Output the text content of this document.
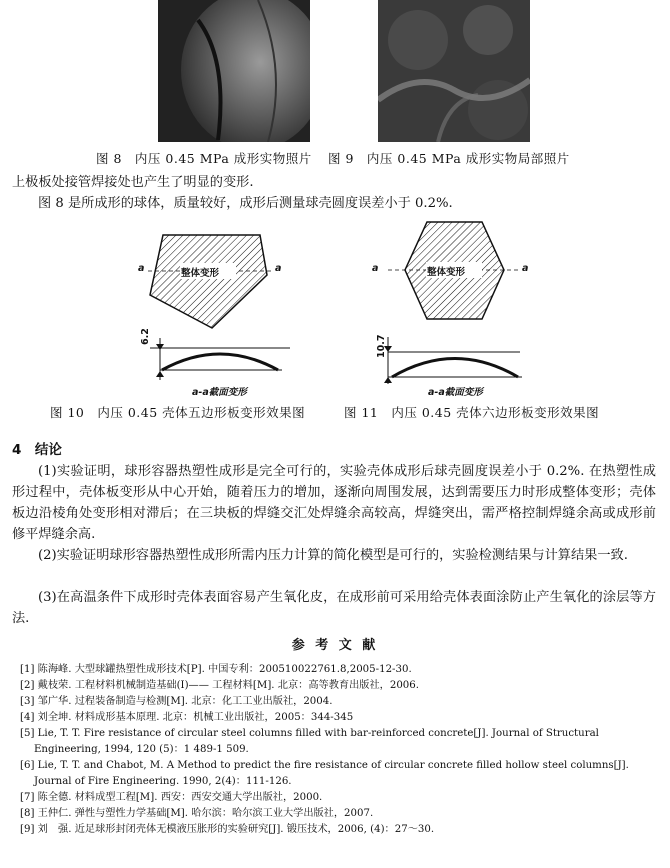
图 8　内压 0.45 MPa 成形实物照片 图 9　内压 0.45 MPa 成形实物局部照片
上极板处接管焊接处也产生了明显的变形.
图 8 是所成形的球体，质量较好，成形后测量球壳圆度误差小于 0.2%.
整体变形
a	a
6.2
a-a截面变形
整体变形
a	a
10.7
a-a截面变形
图 10　内压 0.45 壳体五边形板变形效果图	图 11　内压 0.45 壳体六边形板变形效果图
4　结论
(1)实验证明，球形容器热塑性成形是完全可行的，实验壳体成形后球壳圆度误差小于 0.2%. 在热塑性成形过程中，壳体板变形从中心开始，随着压力的增加，逐渐向周围发展，达到需要压力时形成整体变形；壳体板边沿棱角处变形相对滞后；在三块板的焊缝交汇处焊缝余高较高，焊缝突出，需严格控制焊缝余高或成形前修平焊缝余高.
(2)实验证明球形容器热塑性成形所需内压力计算的简化模型是可行的，实验检测结果与计算结果一致.
(3)在高温条件下成形时壳体表面容易产生氧化皮，在成形前可采用给壳体表面涂防止产生氧化的涂层等方法.
参 考 文 献
[1] 陈海峰. 大型球罐热塑性成形技术[P]. 中国专利：200510022761.8,2005-12-30.
[2] 戴枝荣. 工程材料机械制造基础(Ⅰ)—— 工程材料[M]. 北京：高等教育出版社，2006.
[3] 邹广华. 过程装备制造与检测[M]. 北京：化工工业出版社，2004.
[4] 刘全坤. 材料成形基本原理. 北京：机械工业出版社，2005：344-345
[5] Lie, T. T. Fire resistance of circular steel columns filled with bar-reinforced concrete[J]. Journal of Structural Engineering, 1994, 120 (5)：1 489-1 509.
[6] Lie, T. T. and Chabot, M. A Method to predict the fire resistance of circular concrete filled hollow steel columns[J]. Journal of Fire Engineering. 1990, 2(4)：111-126.
[7] 陈全德. 材料成型工程[M]. 西安：西安交通大学出版社，2000.
[8] 王仲仁. 弹性与塑性力学基础[M]. 哈尔滨：哈尔滨工业大学出版社，2007.
[9] 刘　强. 近足球形封闭壳体无模液压胀形的实验研究[J]. 锻压技术，2006, (4)：27～30.
